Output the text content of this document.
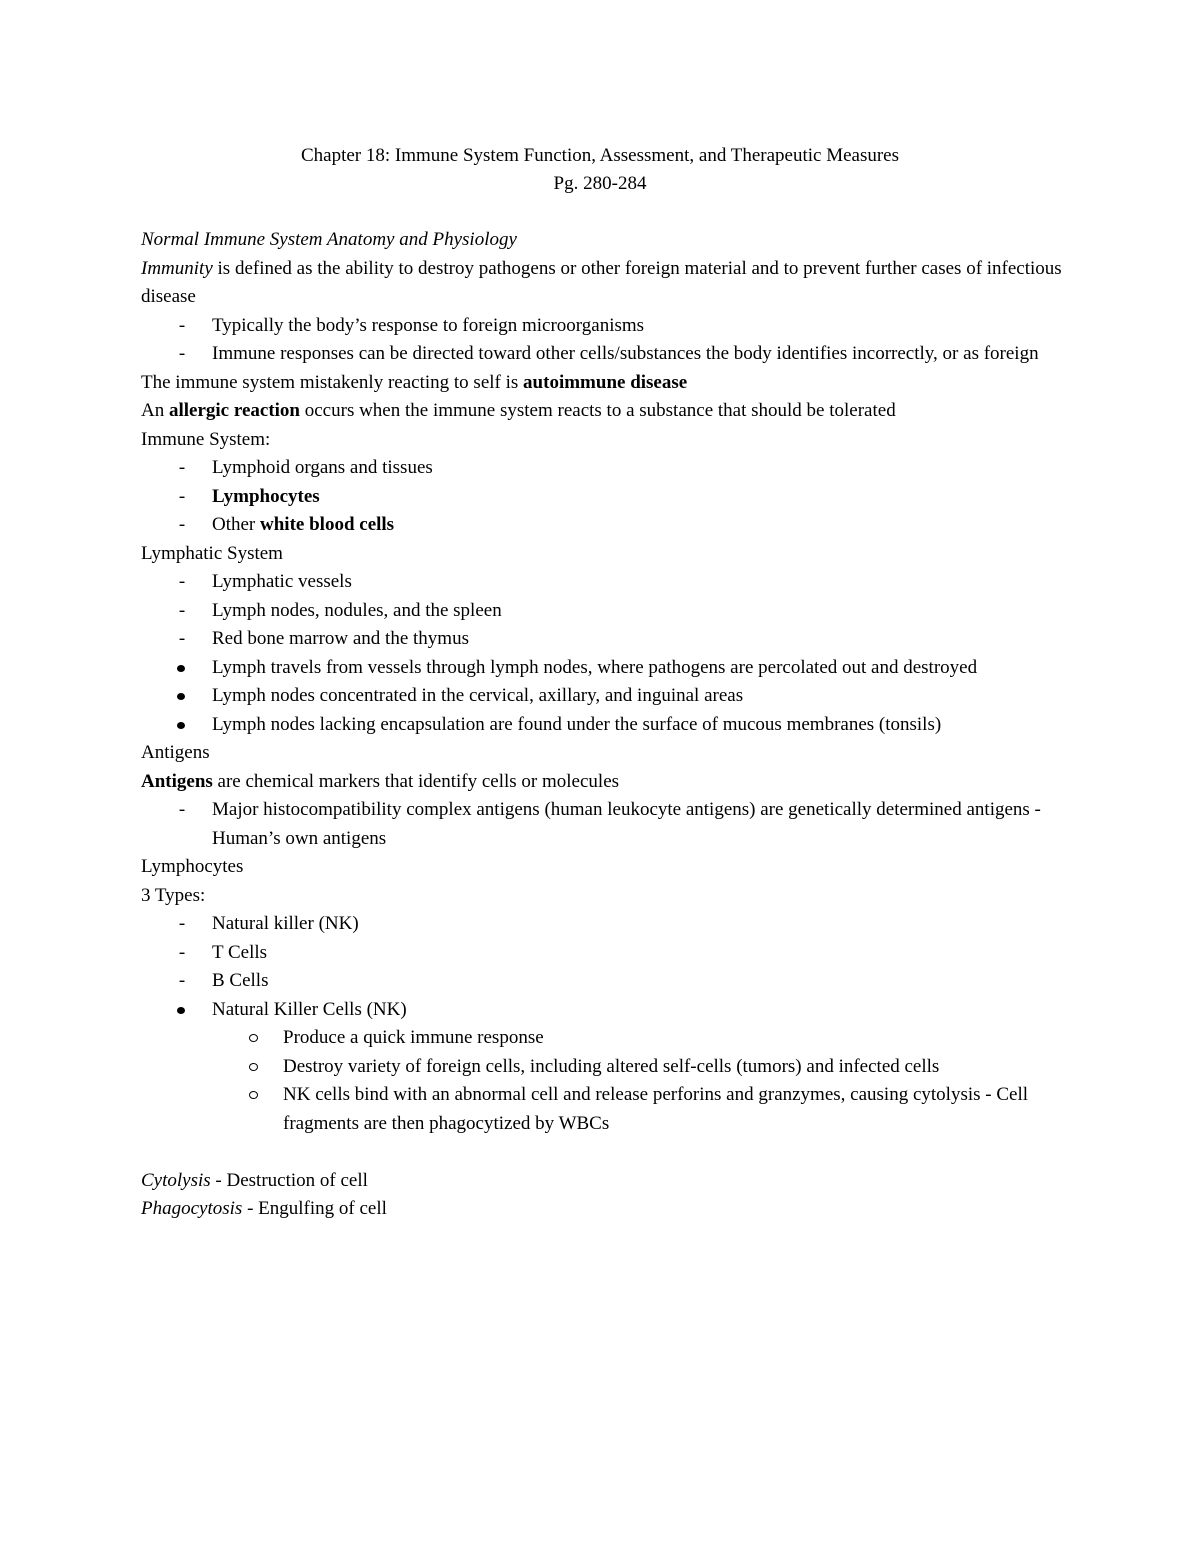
Chapter 18: Immune System Function, Assessment, and Therapeutic Measures
Pg. 280-284

Normal Immune System Anatomy and Physiology

Immunity is defined as the ability to destroy pathogens or other foreign material and to prevent further cases of infectious disease

-	Typically the body’s response to foreign microorganisms
-	Immune responses can be directed toward other cells/substances the body identifies incorrectly, or as foreign

The immune system mistakenly reacting to self is autoimmune disease

An allergic reaction occurs when the immune system reacts to a substance that should be tolerated

Immune System:

-	Lymphoid organs and tissues
-	Lymphocytes
-	Other white blood cells

Lymphatic System

-	Lymphatic vessels
-	Lymph nodes, nodules, and the spleen
-	Red bone marrow and the thymus
Lymph travels from vessels through lymph nodes, where pathogens are percolated out and destroyed
Lymph nodes concentrated in the cervical, axillary, and inguinal areas
Lymph nodes lacking encapsulation are found under the surface of mucous membranes (tonsils)

Antigens

Antigens are chemical markers that identify cells or molecules

-	Major histocompatibility complex antigens (human leukocyte antigens) are genetically determined antigens - Human’s own antigens

Lymphocytes

3 Types:

-	Natural killer (NK)
-	T Cells
-	B Cells
Natural Killer Cells (NK)
Produce a quick immune response
Destroy variety of foreign cells, including altered self-cells (tumors) and infected cells
NK cells bind with an abnormal cell and release perforins and granzymes, causing cytolysis - Cell fragments are then phagocytized by WBCs

Cytolysis - Destruction of cell

Phagocytosis - Engulfing of cell
